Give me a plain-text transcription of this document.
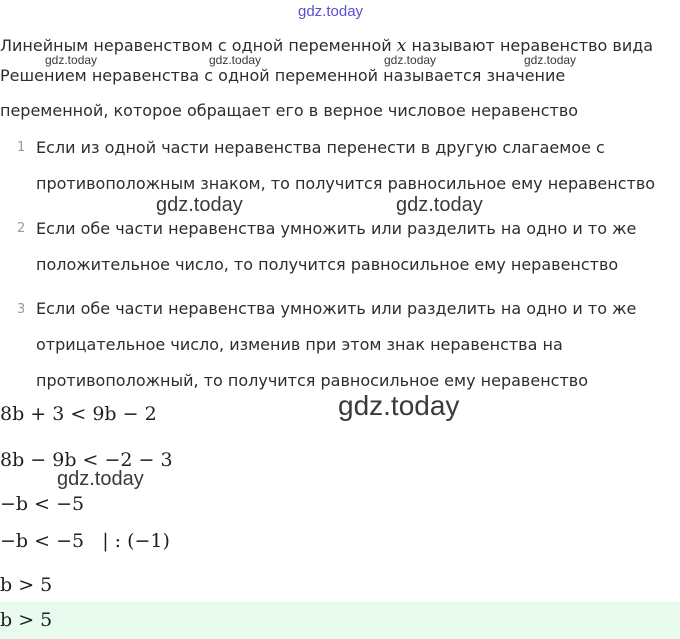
gdz.today
gdz.today	gdz.today	gdz.today	gdz.today
gdz.today	gdz.today
gdz.today
gdz.today
Линейным неравенством с одной переменной x называют неравенство вида
Решением неравенства с одной переменной называется значение
переменной, которое обращает его в верное числовое неравенство
1 Если из одной части неравенства перенести в другую слагаемое с
противоположным знаком, то получится равносильное ему неравенство
2 Если обе части неравенства умножить или разделить на одно и то же
положительное число, то получится равносильное ему неравенство
3 Если обе части неравенства умножить или разделить на одно и то же
отрицательное число, изменив при этом знак неравенства на
противоположный, то получится равносильное ему неравенство
8b + 3 < 9b − 2
8b − 9b < −2 − 3
−b < −5
−b < −5   | : (−1)
b > 5
b > 5
